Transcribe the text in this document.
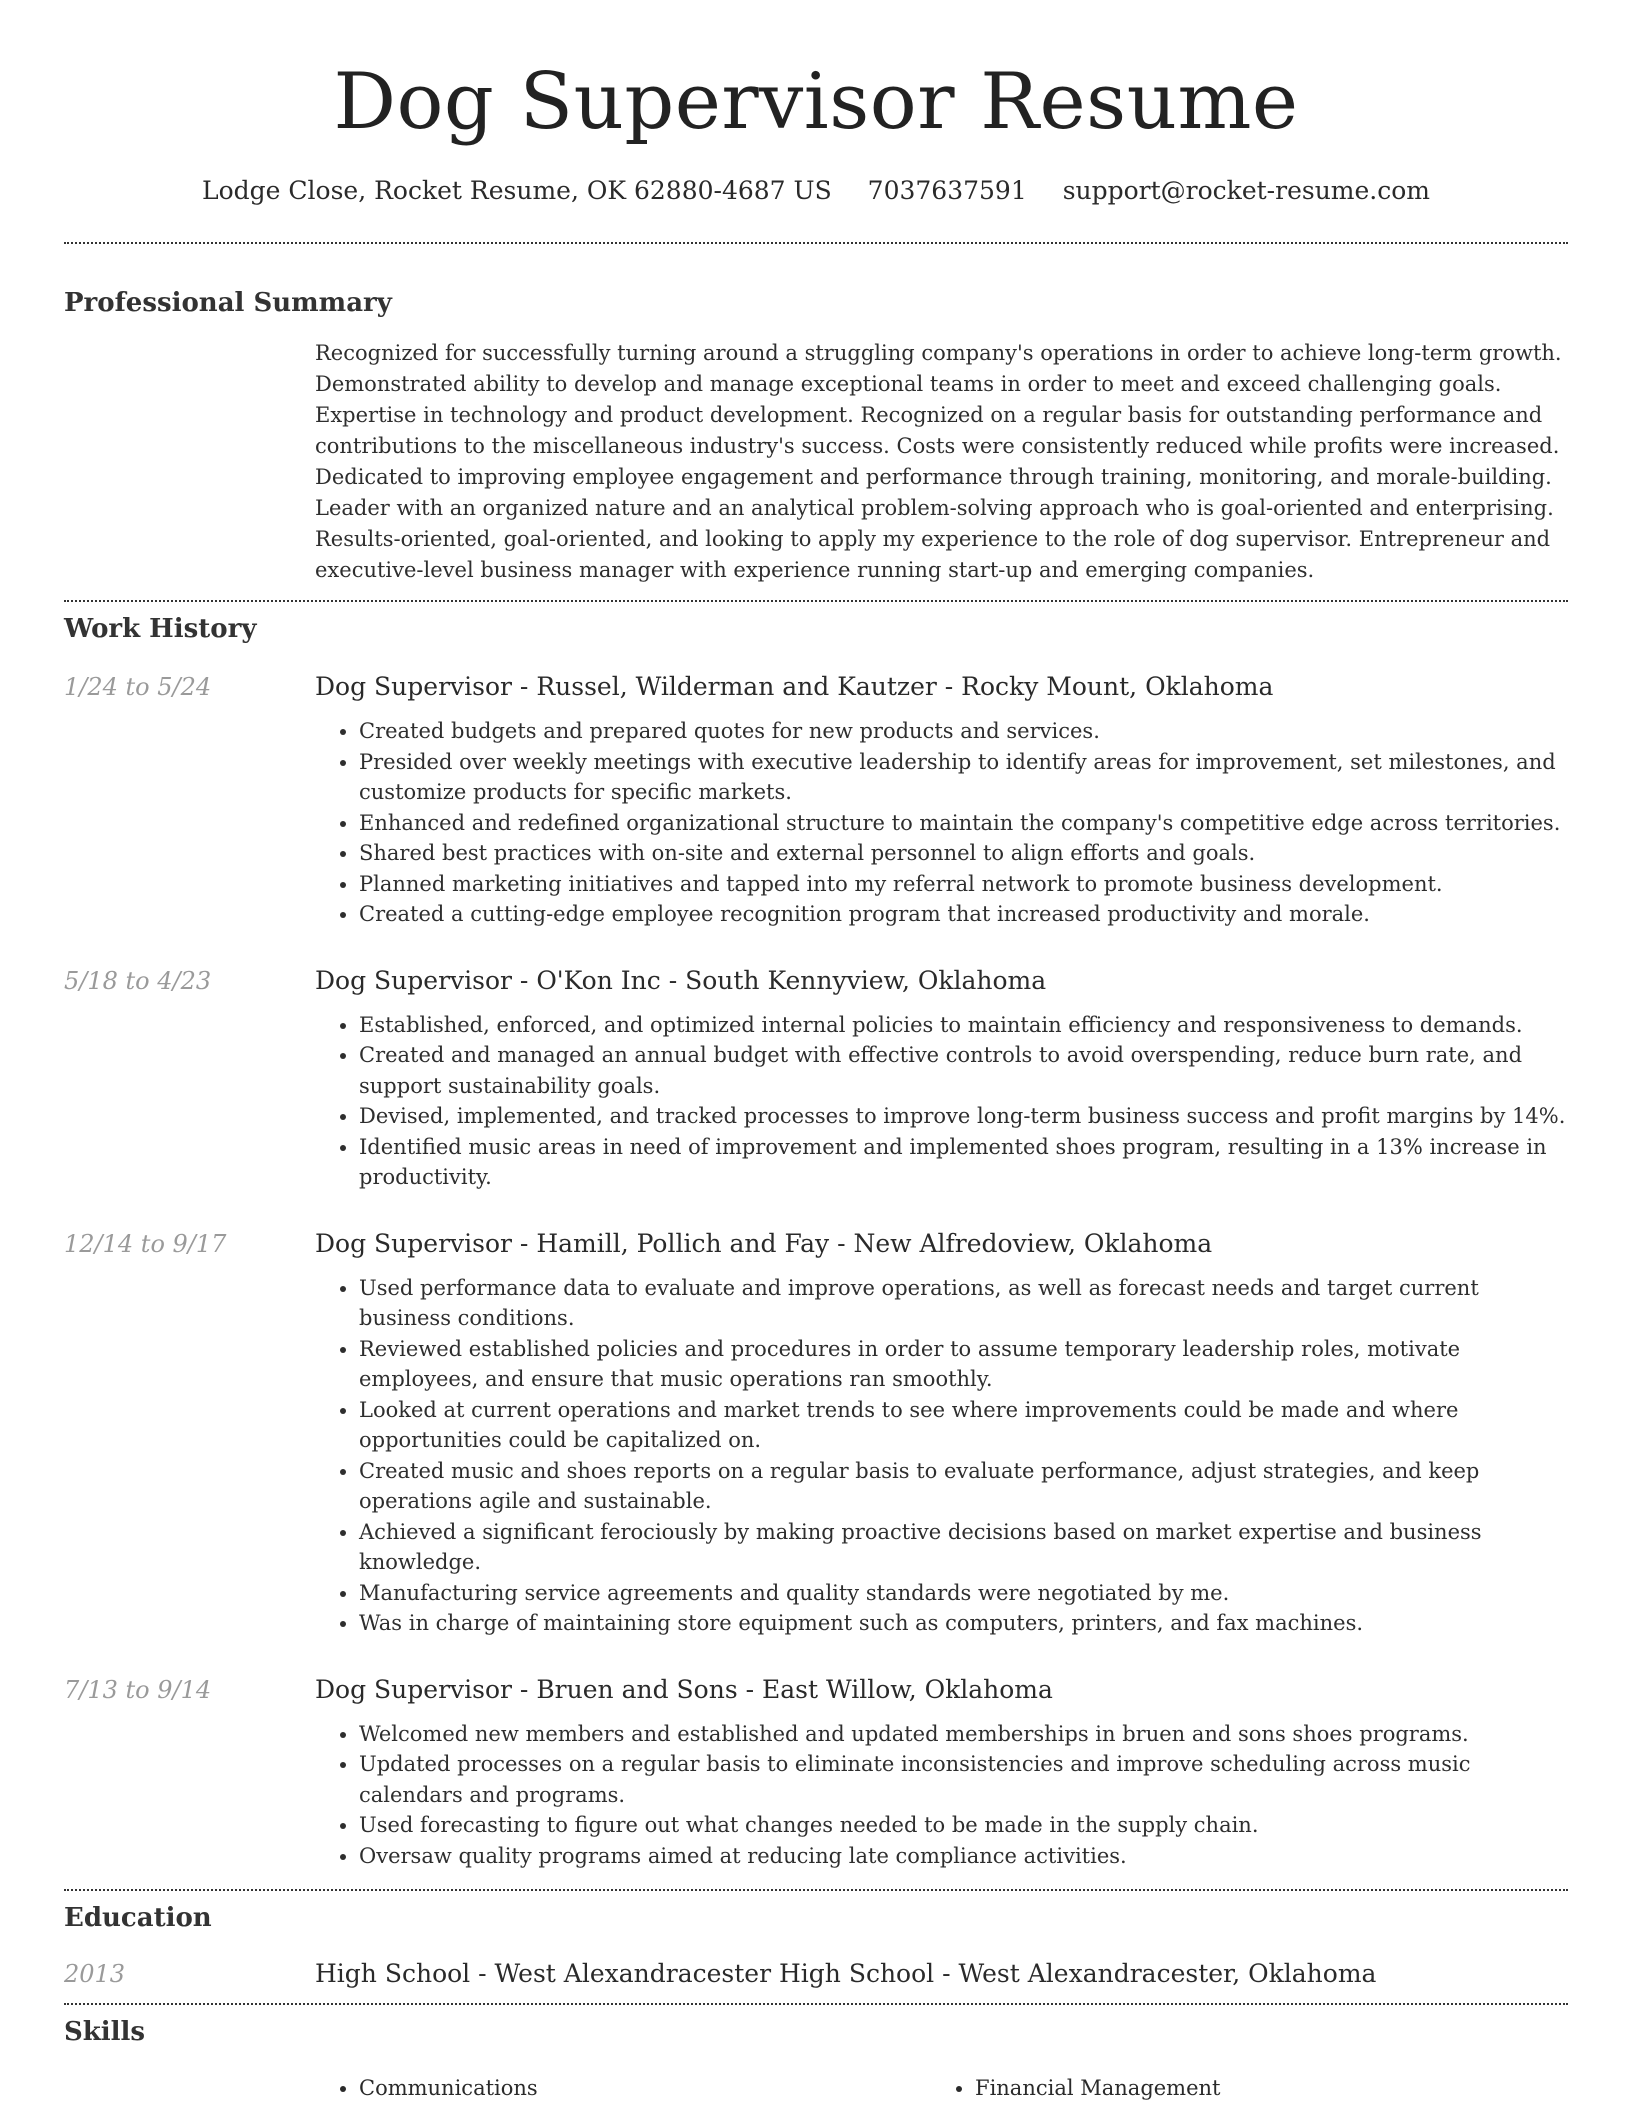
Dog Supervisor Resume
Lodge Close, Rocket Resume, OK 62880-4687 US 7037637591 support@rocket-resume.com
Professional Summary
Recognized for successfully turning around a struggling company's operations in order to achieve long-term growth. Demonstrated ability to develop and manage exceptional teams in order to meet and exceed challenging goals. Expertise in technology and product development. Recognized on a regular basis for outstanding performance and contributions to the miscellaneous industry's success. Costs were consistently reduced while profits were increased. Dedicated to improving employee engagement and performance through training, monitoring, and morale-building. Leader with an organized nature and an analytical problem-solving approach who is goal-oriented and enterprising. Results-oriented, goal-oriented, and looking to apply my experience to the role of dog supervisor. Entrepreneur and executive-level business manager with experience running start-up and emerging companies.
Work History
1/24 to 5/24	Dog Supervisor - Russel, Wilderman and Kautzer - Rocky Mount, Oklahoma
• Created budgets and prepared quotes for new products and services.
• Presided over weekly meetings with executive leadership to identify areas for improvement, set milestones, and customize products for specific markets.
• Enhanced and redefined organizational structure to maintain the company's competitive edge across territories.
• Shared best practices with on-site and external personnel to align efforts and goals.
• Planned marketing initiatives and tapped into my referral network to promote business development.
• Created a cutting-edge employee recognition program that increased productivity and morale.
5/18 to 4/23	Dog Supervisor - O'Kon Inc - South Kennyview, Oklahoma
• Established, enforced, and optimized internal policies to maintain efficiency and responsiveness to demands.
• Created and managed an annual budget with effective controls to avoid overspending, reduce burn rate, and support sustainability goals.
• Devised, implemented, and tracked processes to improve long-term business success and profit margins by 14%.
• Identified music areas in need of improvement and implemented shoes program, resulting in a 13% increase in productivity.
12/14 to 9/17	Dog Supervisor - Hamill, Pollich and Fay - New Alfredoview, Oklahoma
• Used performance data to evaluate and improve operations, as well as forecast needs and target current business conditions.
• Reviewed established policies and procedures in order to assume temporary leadership roles, motivate employees, and ensure that music operations ran smoothly.
• Looked at current operations and market trends to see where improvements could be made and where opportunities could be capitalized on.
• Created music and shoes reports on a regular basis to evaluate performance, adjust strategies, and keep operations agile and sustainable.
• Achieved a significant ferociously by making proactive decisions based on market expertise and business knowledge.
• Manufacturing service agreements and quality standards were negotiated by me.
• Was in charge of maintaining store equipment such as computers, printers, and fax machines.
7/13 to 9/14	Dog Supervisor - Bruen and Sons - East Willow, Oklahoma
• Welcomed new members and established and updated memberships in bruen and sons shoes programs.
• Updated processes on a regular basis to eliminate inconsistencies and improve scheduling across music calendars and programs.
• Used forecasting to figure out what changes needed to be made in the supply chain.
• Oversaw quality programs aimed at reducing late compliance activities.
Education
2013	High School - West Alexandracester High School - West Alexandracester, Oklahoma
Skills
• Communications
•	Financial Management
